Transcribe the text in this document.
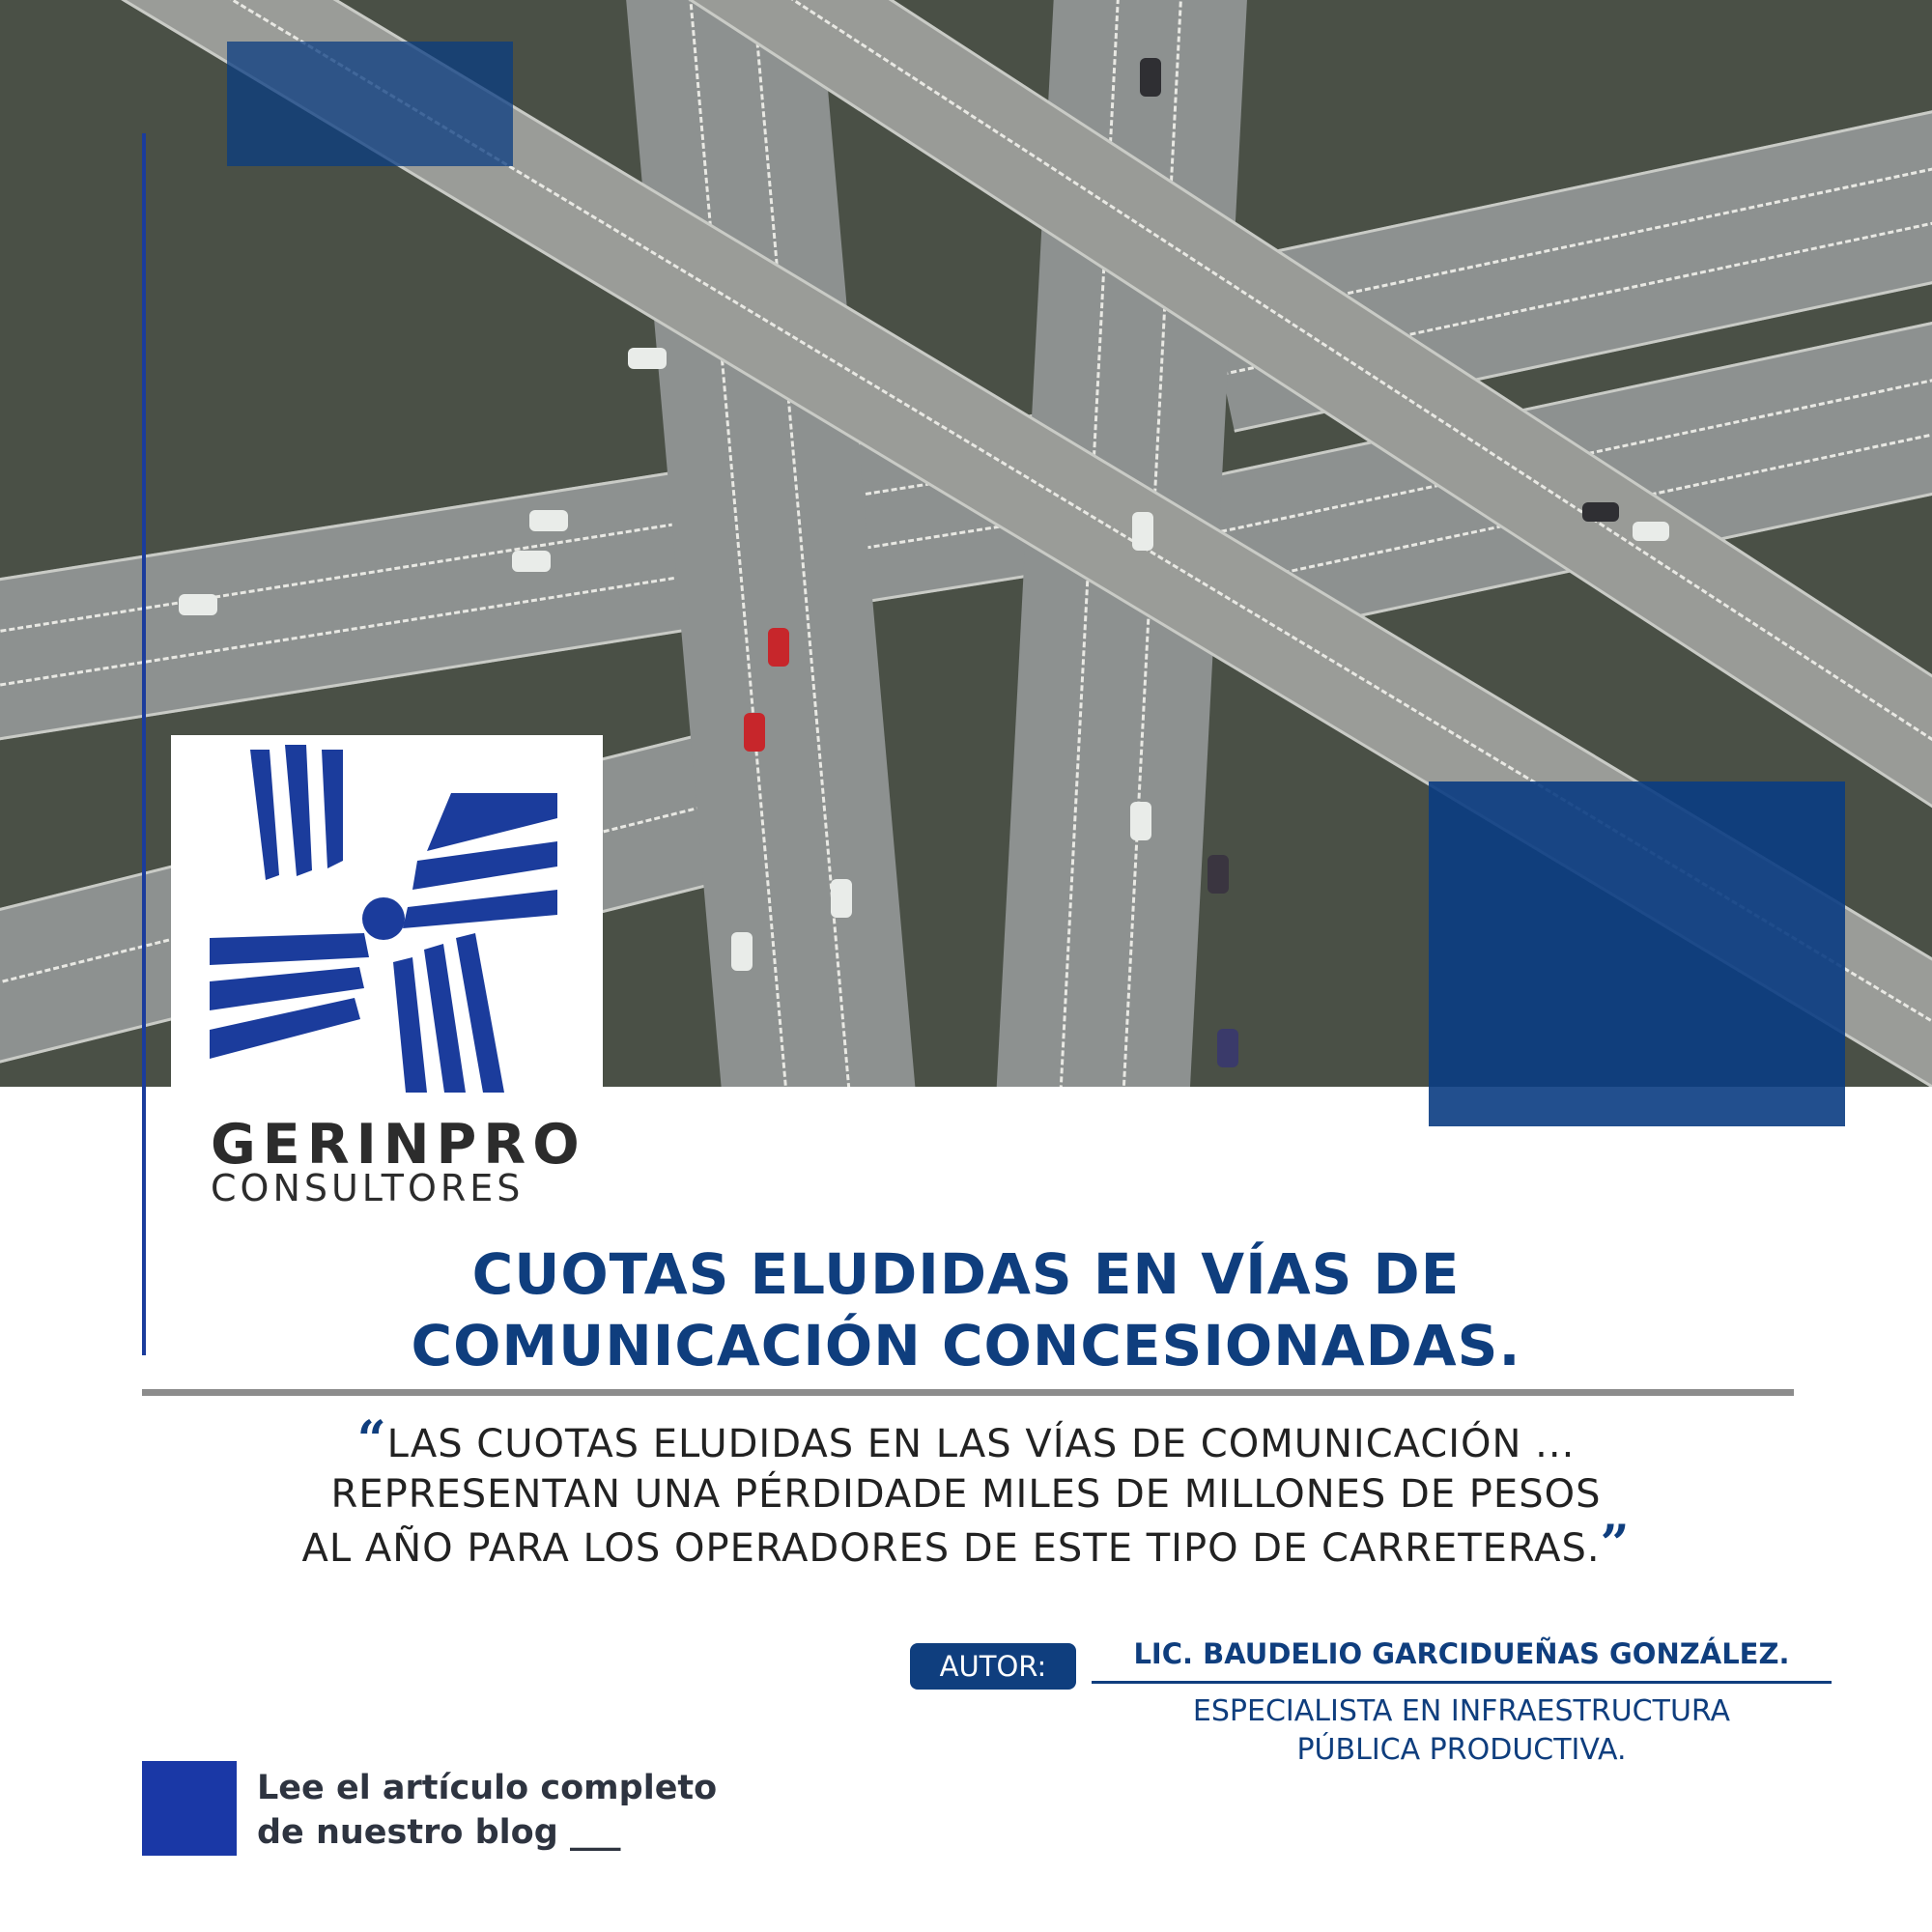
GERINPRO
CONSULTORES
CUOTAS ELUDIDAS EN VÍAS DE
COMUNICACIÓN CONCESIONADAS.
“LAS CUOTAS ELUDIDAS EN LAS VÍAS DE COMUNICACIÓN ...
REPRESENTAN UNA PÉRDIDADE MILES DE MILLONES DE PESOS
AL AÑO PARA LOS OPERADORES DE ESTE TIPO DE CARRETERAS.”
AUTOR:	LIC. BAUDELIO GARCIDUEÑAS GONZÁLEZ.
ESPECIALISTA EN INFRAESTRUCTURA
PÚBLICA PRODUCTIVA.
Lee el artículo completo
de nuestro blog ___
